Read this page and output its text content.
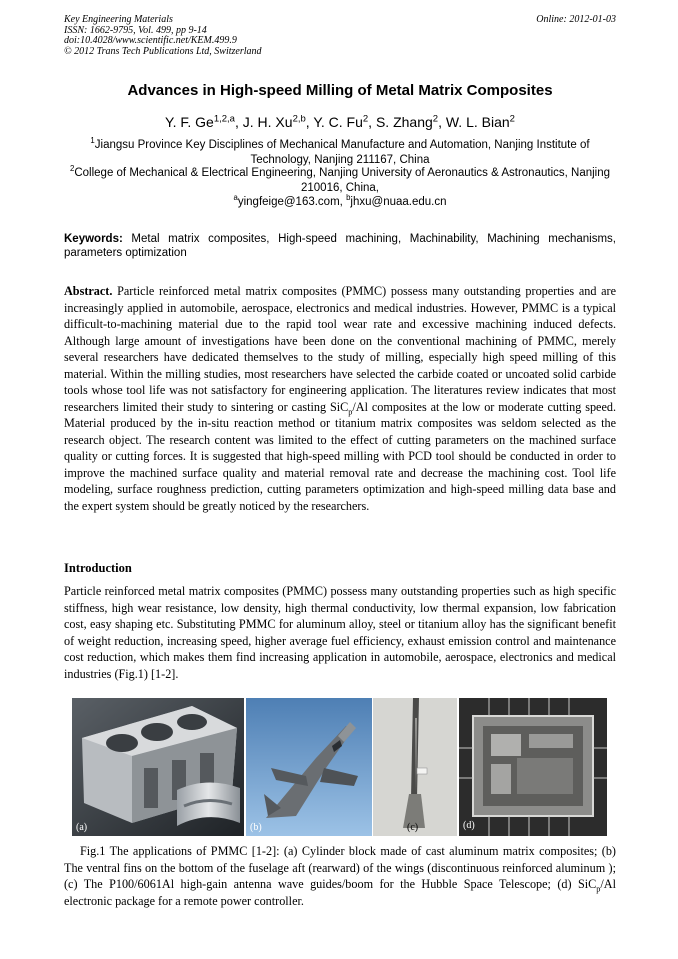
Key Engineering Materials
ISSN: 1662-9795, Vol. 499, pp 9-14
doi:10.4028/www.scientific.net/KEM.499.9
© 2012 Trans Tech Publications Ltd, Switzerland
Online: 2012-01-03
Advances in High-speed Milling of Metal Matrix Composites
Y. F. Ge$^{1,2,a}$, J. H. Xu$^{2,b}$, Y. C. Fu$^2$, S. Zhang$^2$, W. L. Bian$^2$
$^1$Jiangsu Province Key Disciplines of Mechanical Manufacture and Automation, Nanjing Institute of Technology, Nanjing 211167, China
$^2$College of Mechanical & Electrical Engineering, Nanjing University of Aeronautics & Astronautics, Nanjing 210016, China,
$^a$yingfeige@163.com, $^b$jhxu@nuaa.edu.cn
Keywords: Metal matrix composites, High-speed machining, Machinability, Machining mechanisms, parameters optimization
Abstract. Particle reinforced metal matrix composites (PMMC) possess many outstanding properties and are increasingly applied in automobile, aerospace, electronics and medical industries. However, PMMC is a typical difficult-to-machining material due to the rapid tool wear rate and excessive machining induced defects. Although large amount of investigations have been done on the conventional machining of PMMC, merely several researchers have dedicated themselves to the study of milling, especially high speed milling of this material. Within the milling studies, most researchers have selected the carbide coated or uncoated solid carbide tools whose tool life was not satisfactory for engineering application. The literatures review indicates that most researchers limited their study to sintering or casting SiC$_p$/Al composites at the low or moderate cutting speed. Material produced by the in-situ reaction method or titanium matrix composites was seldom selected as the research object. The research content was limited to the effect of cutting parameters on the machined surface quality or cutting forces. It is suggested that high-speed milling with PCD tool should be conducted in order to improve the machined surface quality and material removal rate and decrease the machining cost. Tool life modeling, surface roughness prediction, cutting parameters optimization and high-speed milling data base and the expert system should be greatly noticed by the researchers.
Introduction
Particle reinforced metal matrix composites (PMMC) possess many outstanding properties such as high specific stiffness, high wear resistance, low density, high thermal conductivity, low thermal expansion, low fabrication cost, easy shaping etc. Substituting PMMC for aluminum alloy, steel or titanium alloy has the significant benefit of weight reduction, increasing speed, higher average fuel efficiency, exhaust emission control and maintenance cost reduction, which makes them find increasing application in automobile, aerospace, electronics and medical industries (Fig.1) [1-2].
(a)	(b)	(c)	(d)
Fig.1 The applications of PMMC [1-2]: (a) Cylinder block made of cast aluminum matrix composites; (b) The ventral fins on the bottom of the fuselage aft (rearward) of the wings (discontinuous reinforced aluminum ); (c) The P100/6061Al high-gain antenna wave guides/boom for the Hubble Space Telescope; (d) SiC$_p$/Al electronic package for a remote power controller.
